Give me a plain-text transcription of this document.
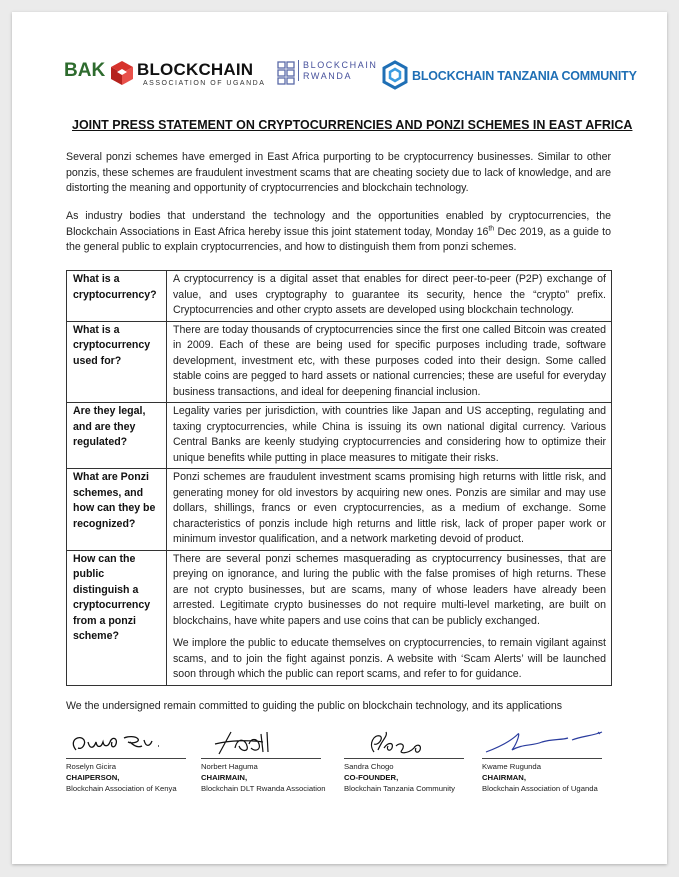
BAK BLOCKCHAIN
ASSOCIATION OF UGANDA
BLOCKCHAIN
RWANDA	BLOCKCHAIN TANZANIA COMMUNITY
JOINT PRESS STATEMENT ON CRYPTOCURRENCIES AND PONZI SCHEMES IN EAST AFRICA
Several ponzi schemes have emerged in East Africa purporting to be cryptocurrency businesses. Similar to other ponzis, these schemes are fraudulent investment scams that are cheating society due to lack of knowledge, and are distorting the meaning and opportunity of cryptocurrencies and blockchain technology.
As industry bodies that understand the technology and the opportunities enabled by cryptocurrencies, the Blockchain Associations in East Africa hereby issue this joint statement today, Monday 16th Dec 2019, as a guide to the general public to explain cryptocurrencies, and how to distinguish them from ponzi schemes.
What is a cryptocurrency?	A cryptocurrency is a digital asset that enables for direct peer-to-peer (P2P) exchange of value, and uses cryptography to guarantee its security, hence the “crypto” prefix. Cryptocurrencies and other crypto assets are developed using blockchain technology.

What is a cryptocurrency used for?	There are today thousands of cryptocurrencies since the first one called Bitcoin was created in 2009. Each of these are being used for specific purposes including trade, software development, investment etc, with these purposes coded into their design. Some called stable coins are pegged to hard assets or national currencies; these are useful for everyday business transactions, and ideal for deepening financial inclusion.

Are they legal, and are they regulated?	Legality varies per jurisdiction, with countries like Japan and US accepting, regulating and taxing cryptocurrencies, while China is issuing its own national digital currency. Various Central Banks are keenly studying cryptocurrencies and considering how to optimize their unique benefits while putting in place measures to mitigate their risks.

What are Ponzi schemes, and how can they be recognized?	Ponzi schemes are fraudulent investment scams promising high returns with little risk, and generating money for old investors by acquiring new ones. Ponzis are similar and may use dollars, shillings, francs or even cryptocurrencies, as a medium of exchange. Some characteristics of ponzis include high returns and little risk, lack of proper paper work or minimum investor qualification, and a network marketing devoid of product.

How can the public distinguish a cryptocurrency from a ponzi scheme?	There are several ponzi schemes masquerading as cryptocurrency businesses, that are preying on ignorance, and luring the public with the false promises of high returns. These are not crypto businesses, but are scams, many of whose leaders have already been arrested. Legitimate crypto businesses do not require multi-level marketing, are built on blockchains, have white papers and use coins that can be publicly exchanged.

We implore the public to educate themselves on cryptocurrencies, to remain vigilant against scams, and to join the fight against ponzis. A website with ‘Scam Alerts’ will be launched soon through which the public can report scams, and refer to for guidance.

We the undersigned remain committed to guiding the public on blockchain technology, and its applications
Roselyn Gicira
CHAIPERSON,
Blockchain Association of Kenya
Norbert Haguma
CHAIRMAIN,
Blockchain DLT Rwanda Association
Sandra Chogo
CO-FOUNDER,
Blockchain Tanzania Community
Kwame Rugunda
CHAIRMAN,
Blockchain Association of Uganda
